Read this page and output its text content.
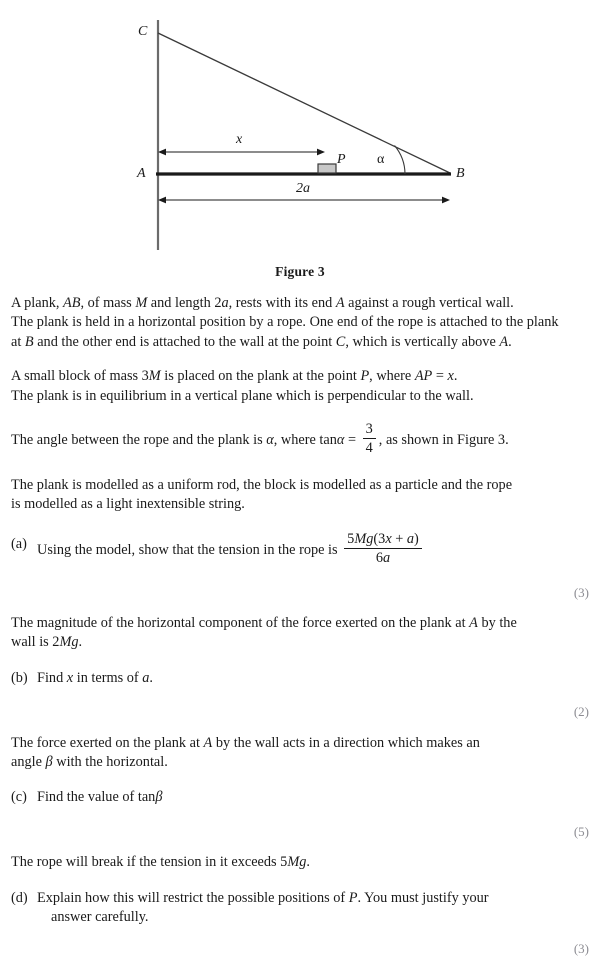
C
A	B
P
x
2a
α
Figure 3
A plank, AB, of mass M and length 2a, rests with its end A against a rough vertical wall.
The plank is held in a horizontal position by a rope. One end of the rope is attached to the plank
at B and the other end is attached to the wall at the point C, which is vertically above A.
A small block of mass 3M is placed on the plank at the point P, where AP = x.
The plank is in equilibrium in a vertical plane which is perpendicular to the wall.
The angle between the rope and the plank is α, where $\tan\alpha = \frac{3}{4}$ , as shown in Figure 3.
The plank is modelled as a uniform rod, the block is modelled as a particle and the rope
is modelled as a light inextensible string.
(a) Using the model, show that the tension in the rope is $\frac{5Mg(3x + a)}{6a}$
(3)
The magnitude of the horizontal component of the force exerted on the plank at A by the
wall is 2Mg.
(b) Find x in terms of a.
(2)
The force exerted on the plank at A by the wall acts in a direction which makes an
angle β with the horizontal.
(c) Find the value of tanβ
(5)
The rope will break if the tension in it exceeds 5Mg.
(d) Explain how this will restrict the possible positions of P. You must justify your
answer carefully.
(3)
